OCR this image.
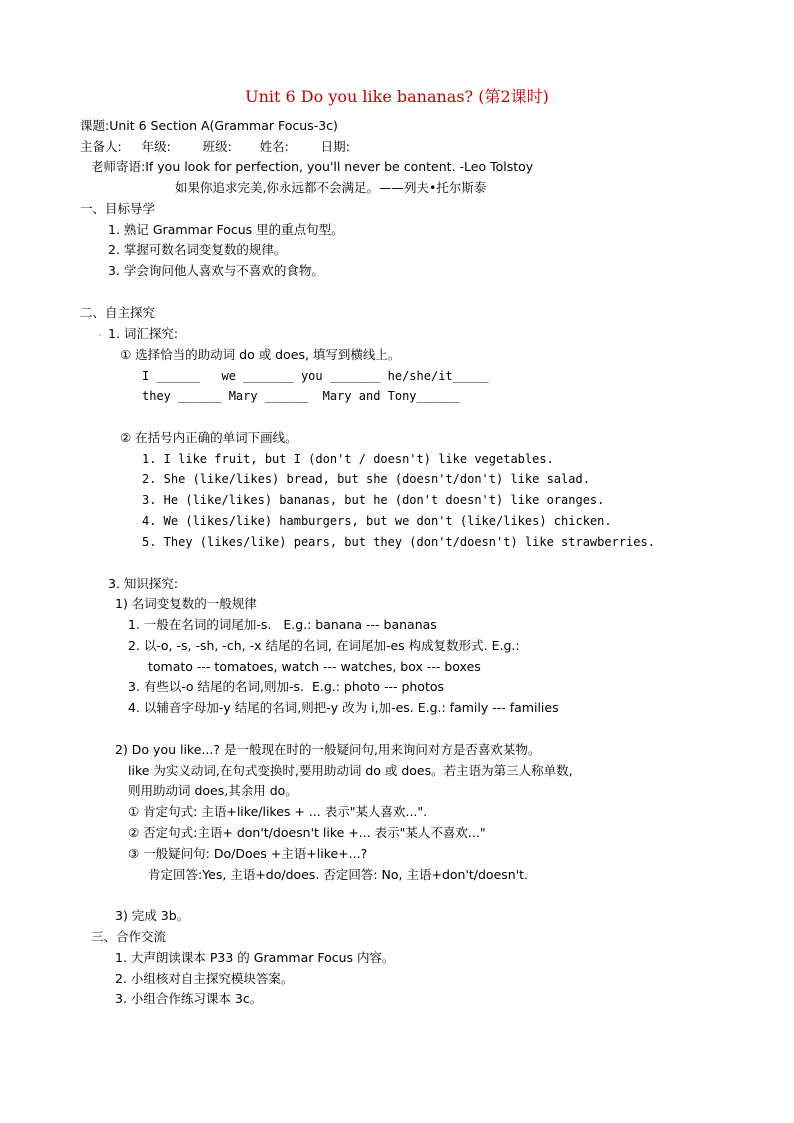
Unit 6 Do you like bananas? (第2课时)
课题:Unit 6 Section A(Grammar Focus-3c)
主备人:     年级:        班级:       姓名:        日期:
老师寄语:If you look for perfection, you'll never be content. -Leo Tolstoy
如果你追求完美,你永远都不会满足。——列夫•托尔斯泰
一、目标导学
1. 熟记 Grammar Focus 里的重点句型。
2. 掌握可数名词变复数的规律。
3. 学会询问他人喜欢与不喜欢的食物。
二、自主探究
. 1. 词汇探究:
① 选择恰当的助动词 do 或 does, 填写到横线上。
I ______   we _______ you _______ he/she/it_____
they ______ Mary ______  Mary and Tony______
② 在括号内正确的单词下画线。
1. I like fruit, but I (don't / doesn't) like vegetables.
2. She (like/likes) bread, but she (doesn't/don't) like salad.
3. He (like/likes) bananas, but he (don't doesn't) like oranges.
4. We (likes/like) hamburgers, but we don't (like/likes) chicken.
5. They (likes/like) pears, but they (don't/doesn't) like strawberries.
3. 知识探究:
1) 名词变复数的一般规律
1. 一般在名词的词尾加-s.   E.g.: banana --- bananas
2. 以-o, -s, -sh, -ch, -x 结尾的名词, 在词尾加-es 构成复数形式. E.g.:
tomato --- tomatoes, watch --- watches, box --- boxes
3. 有些以-o 结尾的名词,则加-s.  E.g.: photo --- photos
4. 以辅音字母加-y 结尾的名词,则把-y 改为 i,加-es. E.g.: family --- families
2) Do you like...? 是一般现在时的一般疑问句,用来询问对方是否喜欢某物。
like 为实义动词,在句式变换时,要用助动词 do 或 does。若主语为第三人称单数,
则用助动词 does,其余用 do。
① 肯定句式: 主语+like/likes + ... 表示"某人喜欢...".
② 否定句式:主语+ don't/doesn't like +... 表示"某人不喜欢..."
③ 一般疑问句: Do/Does +主语+like+...?
肯定回答:Yes, 主语+do/does. 否定回答: No, 主语+don't/doesn't.
3) 完成 3b。
三、合作交流
1. 大声朗读课本 P33 的 Grammar Focus 内容。
2. 小组核对自主探究模块答案。
3. 小组合作练习课本 3c。
